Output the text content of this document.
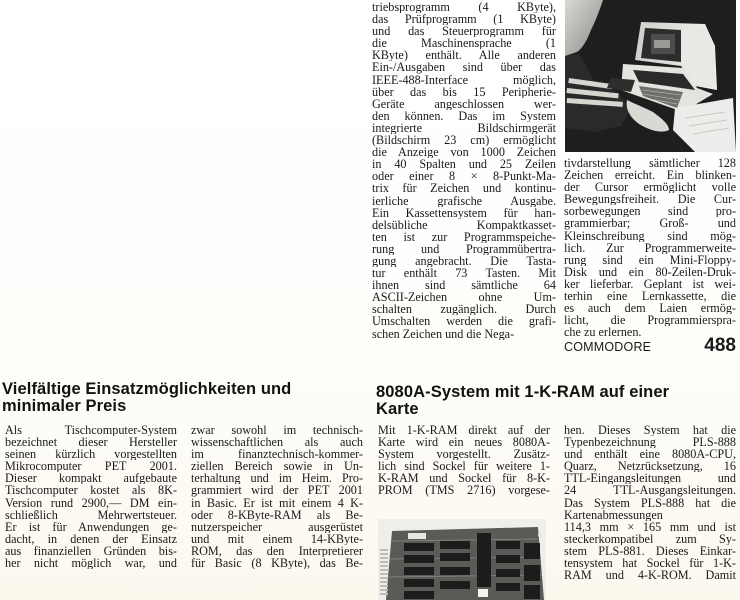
triebsprogramm (4 KByte),
das Prüfprogramm (1 KByte)
und das Steuerprogramm für
die Maschinensprache (1
KByte) enthält. Alle anderen
Ein-/Ausgaben sind über das
IEEE-488-Interface möglich,
über das bis 15 Peripherie-
Geräte angeschlossen wer-
den können. Das im System
integrierte Bildschirmgerät
(Bildschirm 23 cm) ermöglicht
die Anzeige von 1000 Zeichen
in 40 Spalten und 25 Zeilen
oder einer 8 × 8-Punkt-Ma-
trix für Zeichen und kontinu-
ierliche grafische Ausgabe.
Ein Kassettensystem für han-
delsübliche Kompaktkasset-
ten ist zur Programmspeiche-
rung und Programmübertra-
gung angebracht. Die Tasta-
tur enthält 73 Tasten. Mit
ihnen sind sämtliche 64
ASCII-Zeichen ohne Um-
schalten zugänglich. Durch
Umschalten werden die grafi-
schen Zeichen und die Nega-
tivdarstellung sämtlicher 128
Zeichen erreicht. Ein blinken-
der Cursor ermöglicht volle
Bewegungsfreiheit. Die Cur-
sorbewegungen sind pro-
grammierbar; Groß- und
Kleinschreibung sind mög-
lich. Zur Programmerweite-
rung sind ein Mini-Floppy-
Disk und ein 80-Zeilen-Druk-
ker lieferbar. Geplant ist wei-
terhin eine Lernkassette, die
es auch dem Laien ermög-
licht, die Programmierspra-
che zu erlernen.
COMMODORE	488
Vielfältige Einsatzmöglichkeiten und
minimaler Preis
Als Tischcomputer-System
bezeichnet dieser Hersteller
seinen kürzlich vorgestellten
Mikrocomputer PET 2001.
Dieser kompakt aufgebaute
Tischcomputer kostet als 8K-
Version rund 2900,— DM ein-
schließlich Mehrwertsteuer.
Er ist für Anwendungen ge-
dacht, in denen der Einsatz
aus finanziellen Gründen bis-
her nicht möglich war, und
zwar sowohl im technisch-
wissenschaftlichen als auch
im finanztechnisch-kommer-
ziellen Bereich sowie in Un-
terhaltung und im Heim. Pro-
grammiert wird der PET 2001
in Basic. Er ist mit einem 4 K-
oder 8-KByte-RAM als Be-
nutzerspeicher ausgerüstet
und mit einem 14-KByte-
ROM, das den Interpretierer
für Basic (8 KByte), das Be-
8080A-System mit 1-K-RAM auf einer
Karte
Mit 1-K-RAM direkt auf der
Karte wird ein neues 8080A-
System vorgestellt. Zusätz-
lich sind Sockel für weitere 1-
K-RAM und Sockel für 8-K-
PROM (TMS 2716) vorgese-
hen. Dieses System hat die
Typenbezeichnung PLS-888
und enthält eine 8080A-CPU,
Quarz, Netzrücksetzung, 16
TTL-Eingangsleitungen und
24 TTL-Ausgangsleitungen.
Das System PLS-888 hat die
Kartenabmessungen
114,3 mm × 165 mm und ist
steckerkompatibel zum Sy-
stem PLS-881. Dieses Einkar-
tensystem hat Sockel für 1-K-
RAM und 4-K-ROM. Damit
